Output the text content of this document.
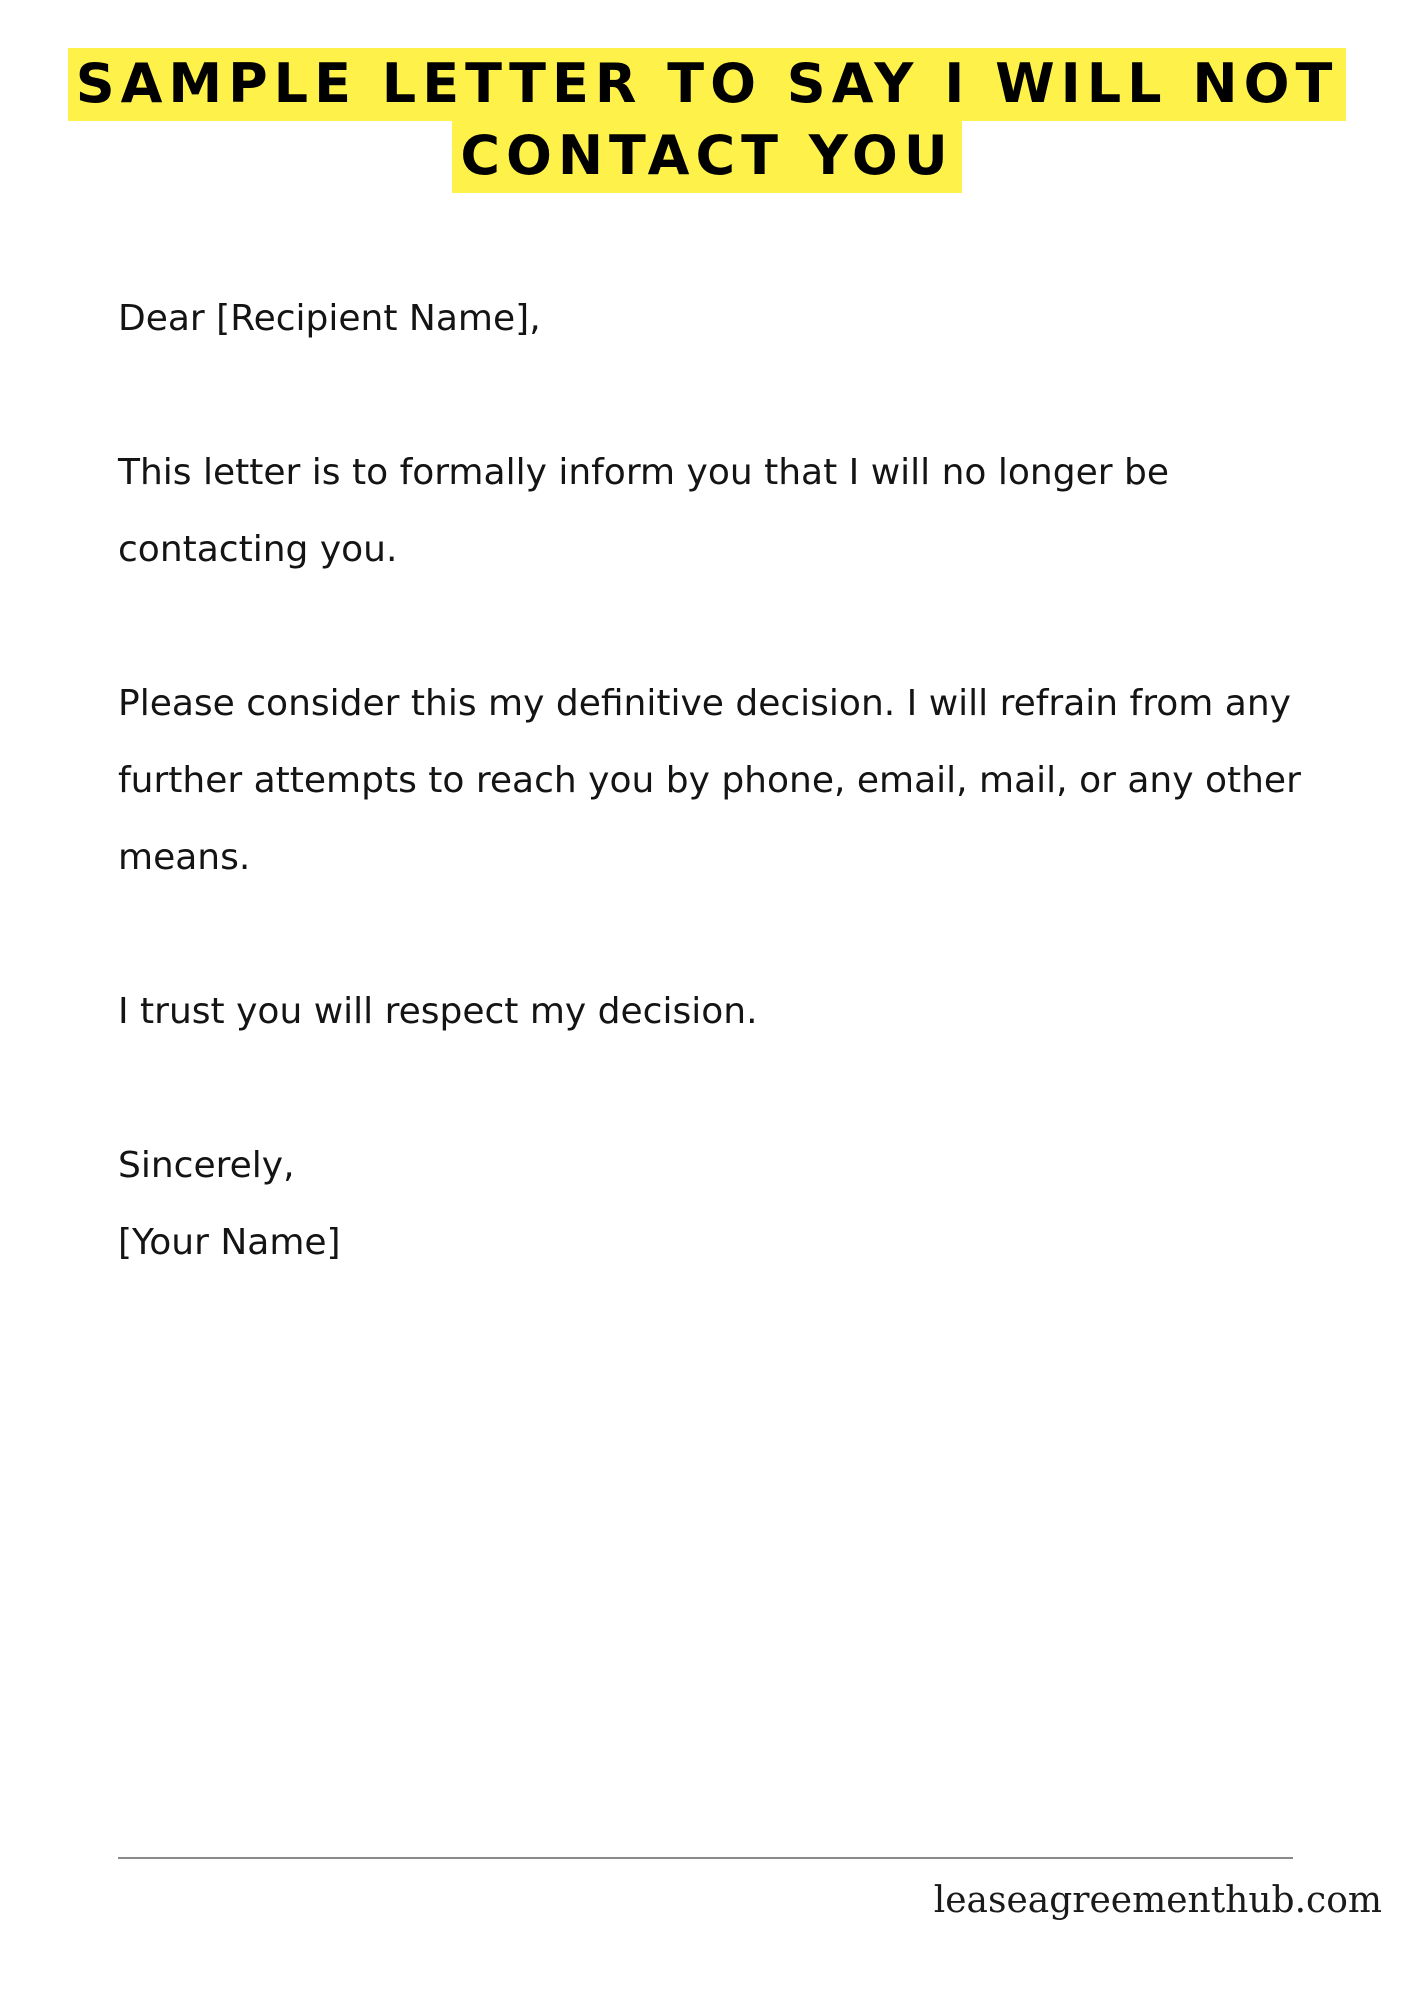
SAMPLE LETTER TO SAY I WILL NOT
CONTACT YOU

Dear [Recipient Name],

This letter is to formally inform you that I will no longer be contacting you.

Please consider this my definitive decision. I will refrain from any further attempts to reach you by phone, email, mail, or any other means.

I trust you will respect my decision.

Sincerely,
[Your Name]
leaseagreementhub.com
